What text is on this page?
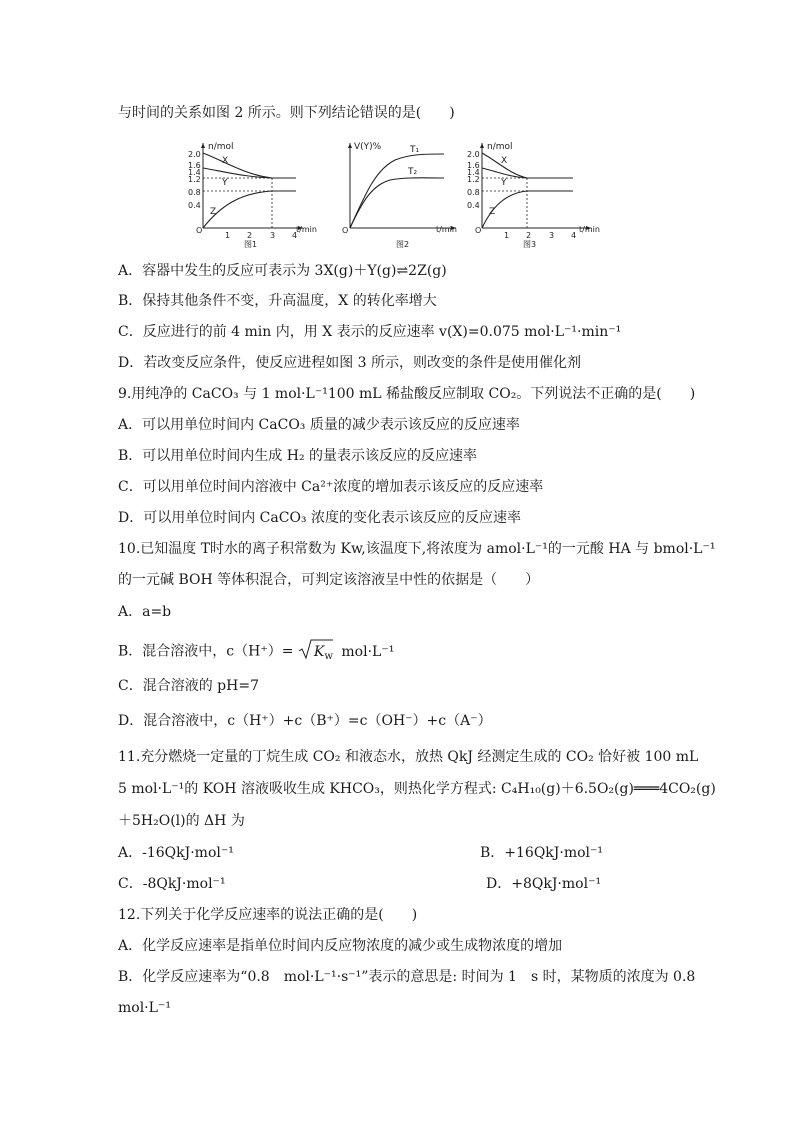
与时间的关系如图 2 所示。则下列结论错误的是(　　)
n/mol
t/min
O
2.0
1.6
1.4
1.2
0.8
0.4
1 2 3 4
X
Y
Z
图1
V(Y)%
t/min
O
T₁
T₂
图2
n/mol
t/min
O
2.0
1.6
1.4
1.2
0.8
0.4
1 2 3 4
X
Y
Z
图3
A．容器中发生的反应可表示为 3X(g)＋Y(g)⇌2Z(g)
B．保持其他条件不变，升高温度，X 的转化率增大
C．反应进行的前 4 min 内，用 X 表示的反应速率 v(X)=0.075 mol·L⁻¹·min⁻¹
D．若改变反应条件，使反应进程如图 3 所示，则改变的条件是使用催化剂
9.用纯净的 CaCO₃ 与 1 mol·L⁻¹100 mL 稀盐酸反应制取 CO₂。下列说法不正确的是(　　)
A．可以用单位时间内 CaCO₃ 质量的减少表示该反应的反应速率
B．可以用单位时间内生成 H₂ 的量表示该反应的反应速率
C．可以用单位时间内溶液中 Ca²⁺浓度的增加表示该反应的反应速率
D．可以用单位时间内 CaCO₃ 浓度的变化表示该反应的反应速率
10.已知温度 T时水的离子积常数为 Kw,该温度下,将浓度为 amol·L⁻¹的一元酸 HA 与 bmol·L⁻¹
的一元碱 BOH 等体积混合，可判定该溶液呈中性的依据是（　　）
A．a=b
B．混合溶液中，$c(H^+)= K_w$ mol·L⁻¹
C．混合溶液的 pH=7
D．混合溶液中，c（H⁺）+c（B⁺）=c（OH⁻）+c（A⁻）
11.充分燃烧一定量的丁烷生成 CO₂ 和液态水，放热 QkJ 经测定生成的 CO₂ 恰好被 100 mL
5 mol·L⁻¹的 KOH 溶液吸收生成 KHCO₃，则热化学方程式: C₄H₁₀(g)＋6.5O₂(g)═══4CO₂(g)
＋5H₂O(l)的 ΔH 为
A．-16QkJ·mol⁻¹	B．+16QkJ·mol⁻¹
C．-8QkJ·mol⁻¹	D．+8QkJ·mol⁻¹
12.下列关于化学反应速率的说法正确的是(　　)
A．化学反应速率是指单位时间内反应物浓度的减少或生成物浓度的增加
B．化学反应速率为“0.8　mol·L⁻¹·s⁻¹”表示的意思是: 时间为 1　s 时，某物质的浓度为 0.8
mol·L⁻¹
